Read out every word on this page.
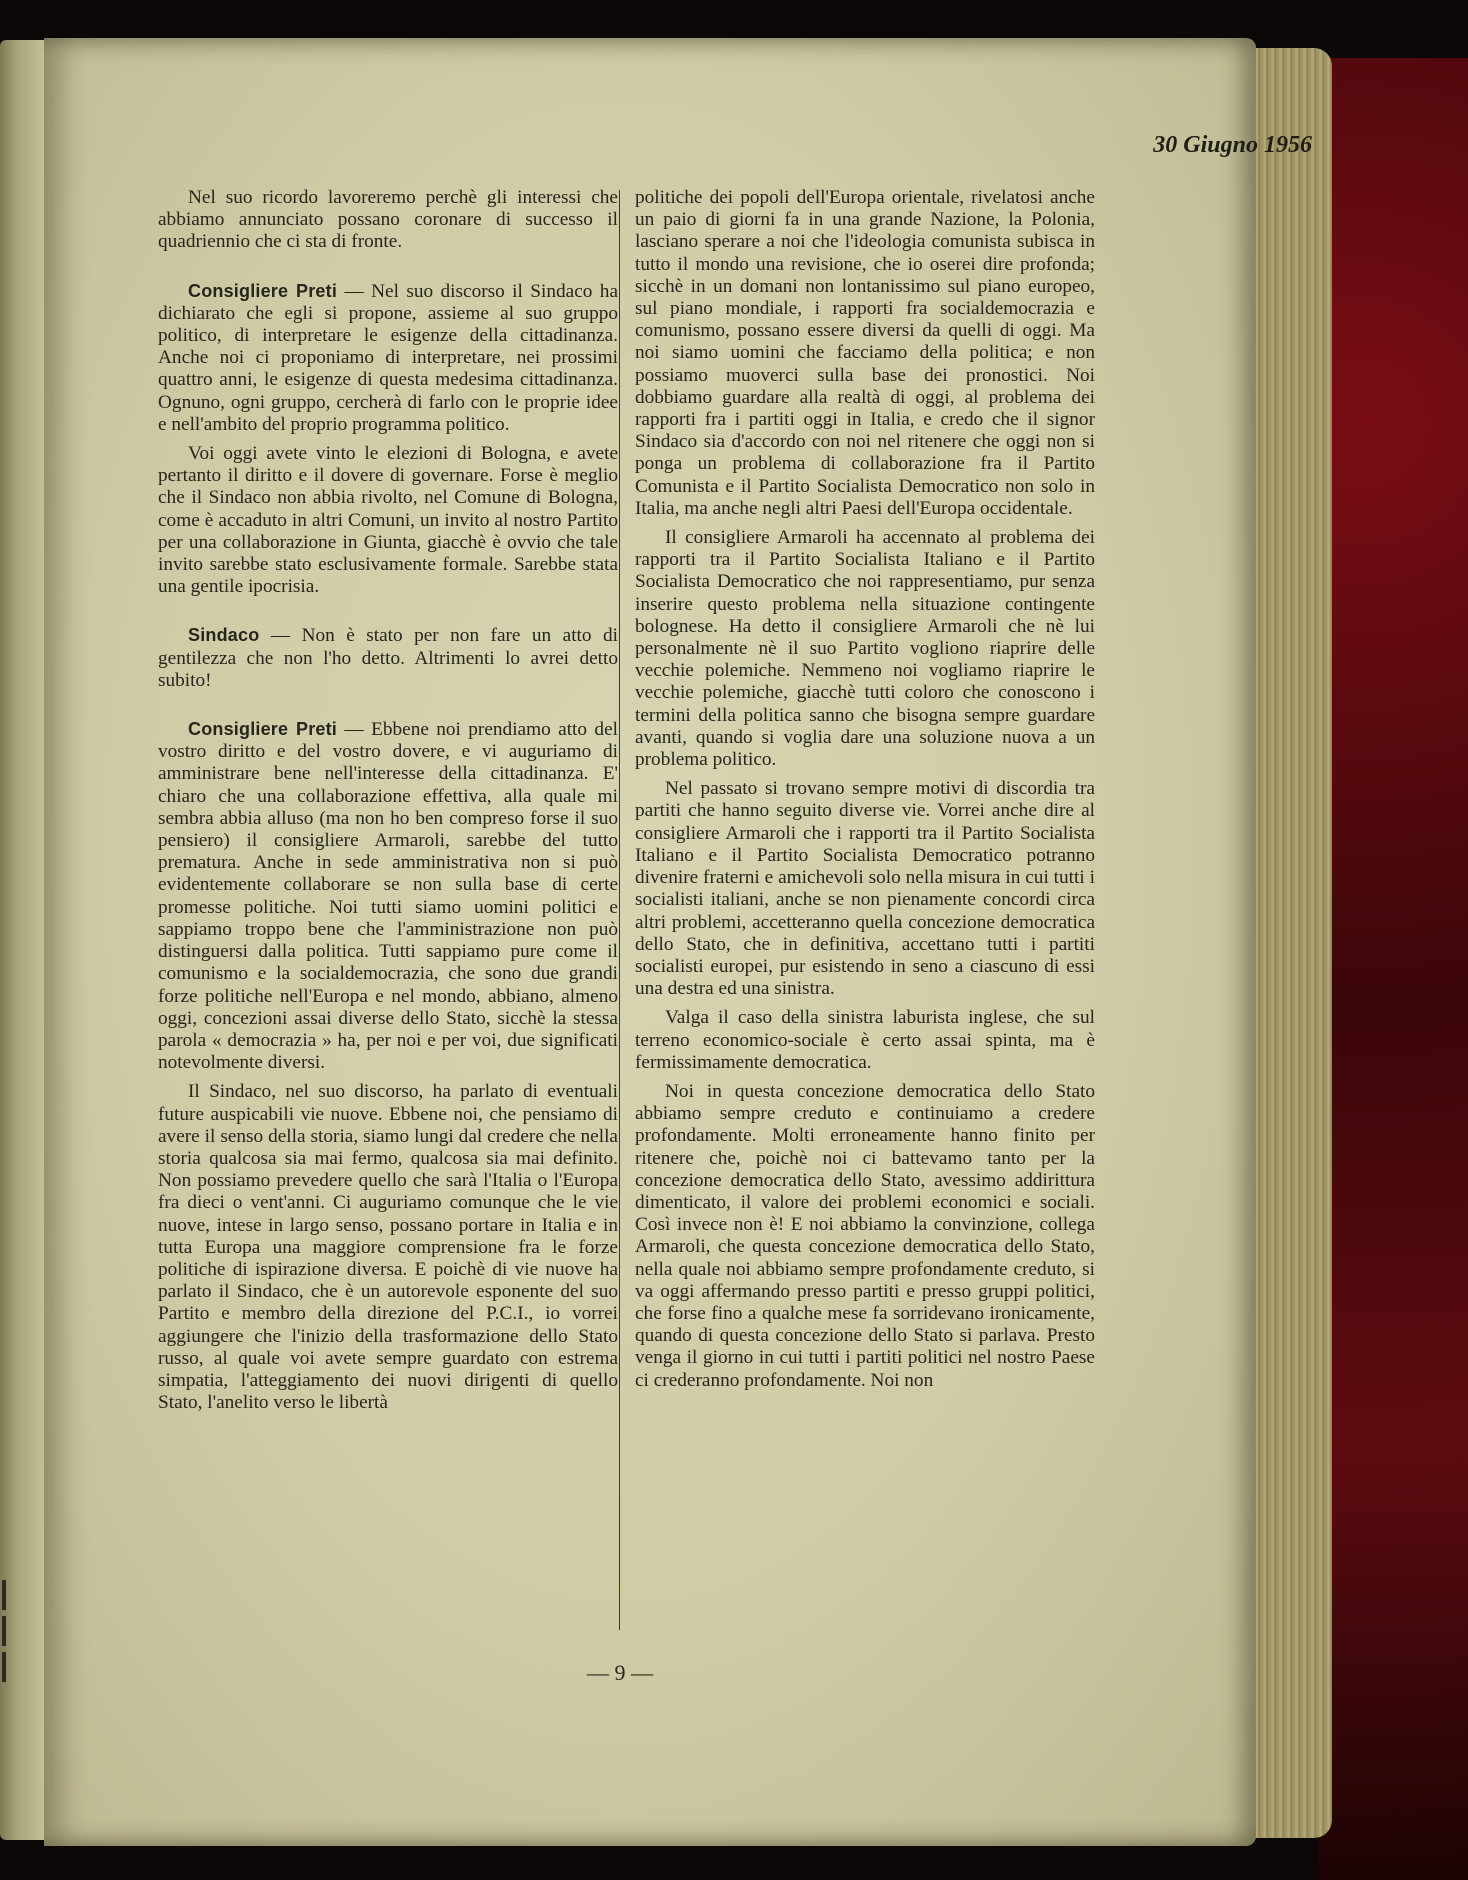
30 Giugno 1956

Nel suo ricordo lavoreremo perchè gli interessi che abbiamo annunciato possano coronare di successo il quadriennio che ci sta di fronte.

Consigliere Preti — Nel suo discorso il Sindaco ha dichiarato che egli si propone, assieme al suo gruppo politico, di interpretare le esigenze della cittadinanza. Anche noi ci proponiamo di interpretare, nei prossimi quattro anni, le esigenze di questa medesima cittadinanza. Ognuno, ogni gruppo, cercherà di farlo con le proprie idee e nell'ambito del proprio programma politico.

Voi oggi avete vinto le elezioni di Bologna, e avete pertanto il diritto e il dovere di governare. Forse è meglio che il Sindaco non abbia rivolto, nel Comune di Bologna, come è accaduto in altri Comuni, un invito al nostro Partito per una collaborazione in Giunta, giacchè è ovvio che tale invito sarebbe stato esclusivamente formale. Sarebbe stata una gentile ipocrisia.

Sindaco — Non è stato per non fare un atto di gentilezza che non l'ho detto. Altrimenti lo avrei detto subito!

Consigliere Preti — Ebbene noi prendiamo atto del vostro diritto e del vostro dovere, e vi auguriamo di amministrare bene nell'interesse della cittadinanza. E' chiaro che una collaborazione effettiva, alla quale mi sembra abbia alluso (ma non ho ben compreso forse il suo pensiero) il consigliere Armaroli, sarebbe del tutto prematura. Anche in sede amministrativa non si può evidentemente collaborare se non sulla base di certe promesse politiche. Noi tutti siamo uomini politici e sappiamo troppo bene che l'amministrazione non può distinguersi dalla politica. Tutti sappiamo pure come il comunismo e la socialdemocrazia, che sono due grandi forze politiche nell'Europa e nel mondo, abbiano, almeno oggi, concezioni assai diverse dello Stato, sicchè la stessa parola « democrazia » ha, per noi e per voi, due significati notevolmente diversi.

Il Sindaco, nel suo discorso, ha parlato di eventuali future auspicabili vie nuove. Ebbene noi, che pensiamo di avere il senso della storia, siamo lungi dal credere che nella storia qualcosa sia mai fermo, qualcosa sia mai definito. Non possiamo prevedere quello che sarà l'Italia o l'Europa fra dieci o vent'anni. Ci auguriamo comunque che le vie nuove, intese in largo senso, possano portare in Italia e in tutta Europa una maggiore comprensione fra le forze politiche di ispirazione diversa. E poichè di vie nuove ha parlato il Sindaco, che è un autorevole esponente del suo Partito e membro della direzione del P.C.I., io vorrei aggiungere che l'inizio della trasformazione dello Stato russo, al quale voi avete sempre guardato con estrema simpatia, l'atteggiamento dei nuovi dirigenti di quello Stato, l'anelito verso le libertà

politiche dei popoli dell'Europa orientale, rivelatosi anche un paio di giorni fa in una grande Nazione, la Polonia, lasciano sperare a noi che l'ideologia comunista subisca in tutto il mondo una revisione, che io oserei dire profonda; sicchè in un domani non lontanissimo sul piano europeo, sul piano mondiale, i rapporti fra socialdemocrazia e comunismo, possano essere diversi da quelli di oggi. Ma noi siamo uomini che facciamo della politica; e non possiamo muoverci sulla base dei pronostici. Noi dobbiamo guardare alla realtà di oggi, al problema dei rapporti fra i partiti oggi in Italia, e credo che il signor Sindaco sia d'accordo con noi nel ritenere che oggi non si ponga un problema di collaborazione fra il Partito Comunista e il Partito Socialista Democratico non solo in Italia, ma anche negli altri Paesi dell'Europa occidentale.

Il consigliere Armaroli ha accennato al problema dei rapporti tra il Partito Socialista Italiano e il Partito Socialista Democratico che noi rappresentiamo, pur senza inserire questo problema nella situazione contingente bolognese. Ha detto il consigliere Armaroli che nè lui personalmente nè il suo Partito vogliono riaprire delle vecchie polemiche. Nemmeno noi vogliamo riaprire le vecchie polemiche, giacchè tutti coloro che conoscono i termini della politica sanno che bisogna sempre guardare avanti, quando si voglia dare una soluzione nuova a un problema politico.

Nel passato si trovano sempre motivi di discordia tra partiti che hanno seguito diverse vie. Vorrei anche dire al consigliere Armaroli che i rapporti tra il Partito Socialista Italiano e il Partito Socialista Democratico potranno divenire fraterni e amichevoli solo nella misura in cui tutti i socialisti italiani, anche se non pienamente concordi circa altri problemi, accetteranno quella concezione democratica dello Stato, che in definitiva, accettano tutti i partiti socialisti europei, pur esistendo in seno a ciascuno di essi una destra ed una sinistra.

Valga il caso della sinistra laburista inglese, che sul terreno economico-sociale è certo assai spinta, ma è fermissimamente democratica.

Noi in questa concezione democratica dello Stato abbiamo sempre creduto e continuiamo a credere profondamente. Molti erroneamente hanno finito per ritenere che, poichè noi ci battevamo tanto per la concezione democratica dello Stato, avessimo addirittura dimenticato, il valore dei problemi economici e sociali. Così invece non è! E noi abbiamo la convinzione, collega Armaroli, che questa concezione democratica dello Stato, nella quale noi abbiamo sempre profondamente creduto, si va oggi affermando presso partiti e presso gruppi politici, che forse fino a qualche mese fa sorridevano ironicamente, quando di questa concezione dello Stato si parlava. Presto venga il giorno in cui tutti i partiti politici nel nostro Paese ci crederanno profondamente. Noi non

— 9 —
